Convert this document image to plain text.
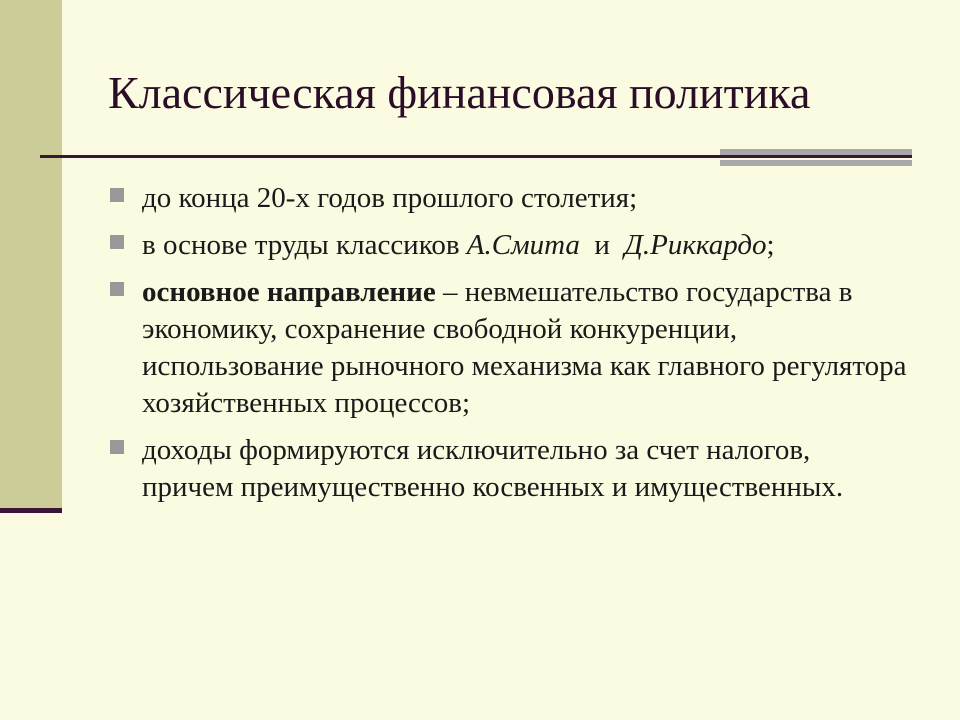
Классическая финансовая политика
до конца 20-х годов прошлого столетия;
в основе труды классиков А.Смита  и  Д.Риккардо;
основное направление – невмешательство государства в экономику, сохранение свободной конкуренции, использование рыночного механизма как главного регулятора хозяйственных процессов;
доходы формируются исключительно за счет налогов, причем преимущественно косвенных и имущественных.
